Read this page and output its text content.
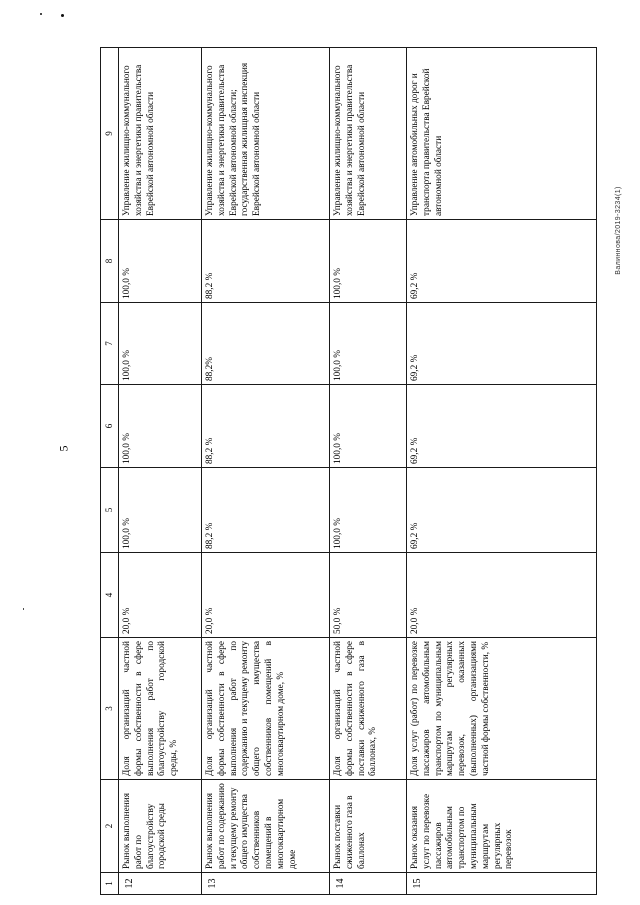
5
Валиннова/2019-3234(1)
1	2	3	4	5	6	7	8	9
12	Рынок выполнения работ по благоустройству городской среды	Доля организаций частной формы собственности в сфере выполнения работ по благоустройству городской среды, %	20,0 %	100,0 %	100,0 %	100,0 %	100,0 %	Управление жилищно-коммунального хозяйства и энергетики правительства Еврейской автономной области
13	Рынок выполнения работ по содержанию и текущему ремонту общего имущества собственников помещений в многоквартирном доме	Доля организаций частной формы собственности в сфере выполнения работ по содержанию и текущему ремонту общего имущества собственников помещений в многоквартирном доме, %	20,0 %	88,2 %	88,2 %	88,2%	88,2 %	Управление жилищно-коммунального хозяйства и энергетики правительства Еврейской автономной области; государственная жилищная инспекция Еврейской автономной области
14	Рынок поставки сжиженного газа в баллонах	Доля организаций частной формы собственности в сфере поставки сжиженного газа в баллонах, %	50,0 %	100,0 %	100,0 %	100,0 %	100,0 %	Управление жилищно-коммунального хозяйства и энергетики правительства Еврейской автономной области
15	Рынок оказания услуг по перевозке пассажиров автомобильным транспортом по муниципальным маршрутам регулярных перевозок	Доля услуг (работ) по перевозке пассажиров автомобильным транспортом по муниципальным маршрутам регулярных перевозок, оказанных (выполненных) организациями частной формы собственности, %	20,0 %	69,2 %	69,2 %	69,2 %	69,2 %	Управление автомобильных дорог и транспорта правительства Еврейской автономной области
